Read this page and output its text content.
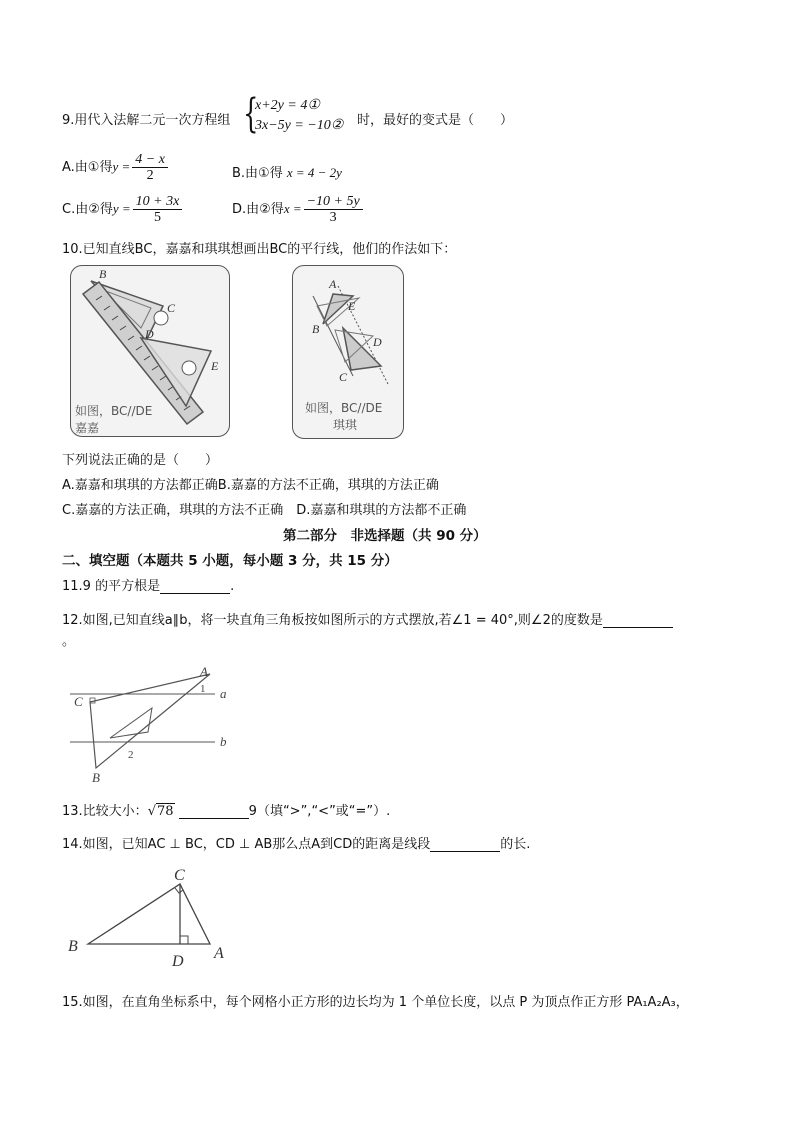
9.用代入法解二元一次方程组 {
x+2y = 4①
3x−5y = −10② 时，最好的变式是（　　）
A.由①得$y = \frac{4 - x}{2}$	B.由①得 x = 4 − 2y
C.由②得$y = \frac{10 + 3x}{5}$	D.由②得$x = \frac{-10 + 5y}{3}$
10.已知直线BC，嘉嘉和琪琪想画出BC的平行线，他们的作法如下：
B
C
D
E
如图，BC//DE
嘉嘉
A
E
B
D
C
如图，BC//DE
琪琪
下列说法正确的是（　　）
A.嘉嘉和琪琪的方法都正确B.嘉嘉的方法不正确，琪琪的方法正确
C.嘉嘉的方法正确，琪琪的方法不正确　D.嘉嘉和琪琪的方法都不正确
第二部分　非选择题（共 90 分）
二、填空题（本题共 5 小题，每小题 3 分，共 15 分）
11.9 的平方根是	.
12.如图,已知直线a∥b，将一块直角三角板按如图所示的方式摆放,若∠1 = 40°,则∠2的度数是
。
A
1 a
C
b
2
B
13.比较大小：√78	9（填“>”,“<”或“=”）.
14.如图，已知AC ⊥ BC，CD ⊥ AB那么点A到CD的距离是线段	的长.
C
B
D A
15.如图，在直角坐标系中，每个网格小正方形的边长均为 1 个单位长度，以点 P 为顶点作正方形 PA₁A₂A₃，
